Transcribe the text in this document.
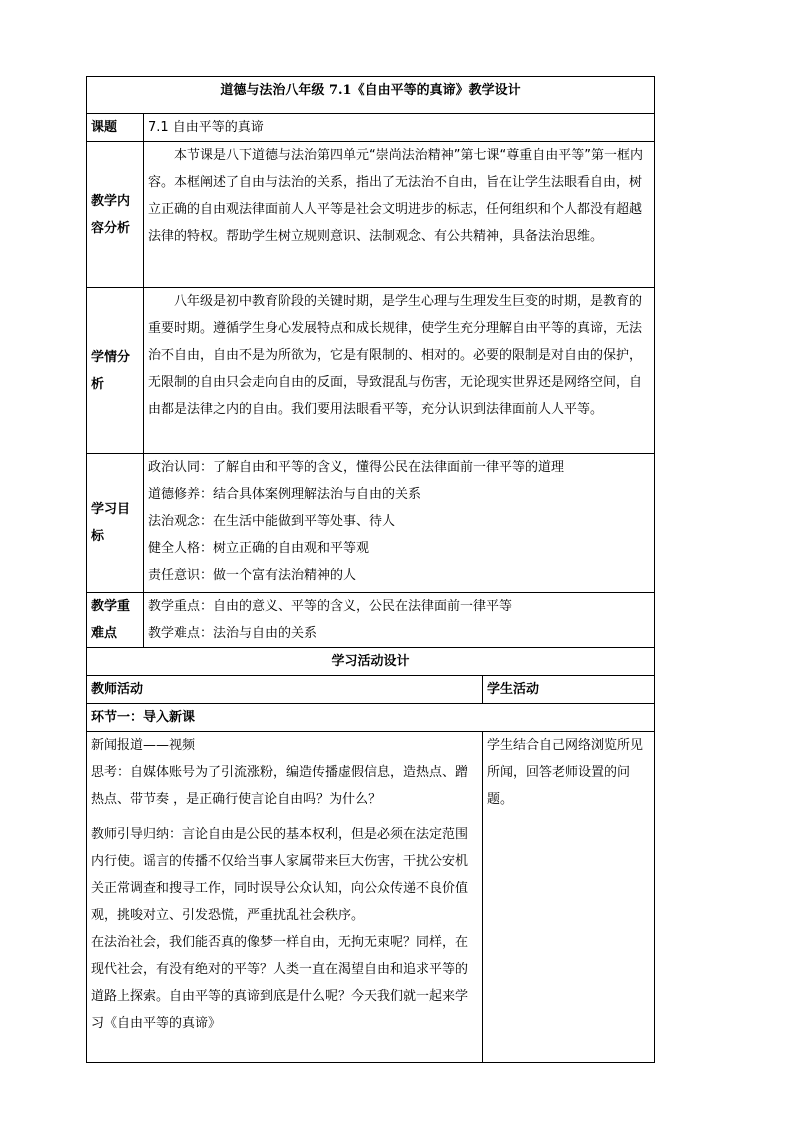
道德与法治八年级 7.1《自由平等的真谛》教学设计		
课题	7.1 自由平等的真谛	
教学内容分析	本节课是八下道德与法治第四单元“崇尚法治精神”第七课“尊重自由平等”第一框内容。本框阐述了自由与法治的关系，指出了无法治不自由，旨在让学生法眼看自由，树立正确的自由观法律面前人人平等是社会文明进步的标志，任何组织和个人都没有超越法律的特权。帮助学生树立规则意识、法制观念、有公共精神，具备法治思维。	

学情分析	八年级是初中教育阶段的关键时期，是学生心理与生理发生巨变的时期，是教育的重要时期。遵循学生身心发展特点和成长规律，使学生充分理解自由平等的真谛，无法治不自由，自由不是为所欲为，它是有限制的、相对的。必要的限制是对自由的保护，无限制的自由只会走向自由的反面，导致混乱与伤害，无论现实世界还是网络空间，自由都是法律之内的自由。我们要用法眼看平等，充分认识到法律面前人人平等。	

学习目标	政治认同：了解自由和平等的含义，懂得公民在法律面前一律平等的道理

道德修养：结合具体案例理解法治与自由的关系

法治观念：在生活中能做到平等处事、待人

健全人格：树立正确的自由观和平等观

责任意识：做一个富有法治精神的人	

教学重难点	教学重点：自由的意义、平等的含义，公民在法律面前一律平等

教学难点：法治与自由的关系	

学习活动设计		
教师活动		学生活动
环节一：导入新课		

新闻报道——视频

思考：自媒体账号为了引流涨粉，编造传播虚假信息，造热点、蹭热点、带节奏 ，是正确行使言论自由吗？为什么？

教师引导归纳：言论自由是公民的基本权利，但是必须在法定范围内行使。谣言的传播不仅给当事人家属带来巨大伤害，干扰公安机关正常调查和搜寻工作，同时误导公众认知，向公众传递不良价值观，挑唆对立、引发恐慌，严重扰乱社会秩序。

在法治社会，我们能否真的像梦一样自由，无拘无束呢？同样，在现代社会，有没有绝对的平等？人类一直在渴望自由和追求平等的道路上探索。自由平等的真谛到底是什么呢？今天我们就一起来学习《自由平等的真谛》		学生结合自己网络浏览所见所闻，回答老师设置的问题。
